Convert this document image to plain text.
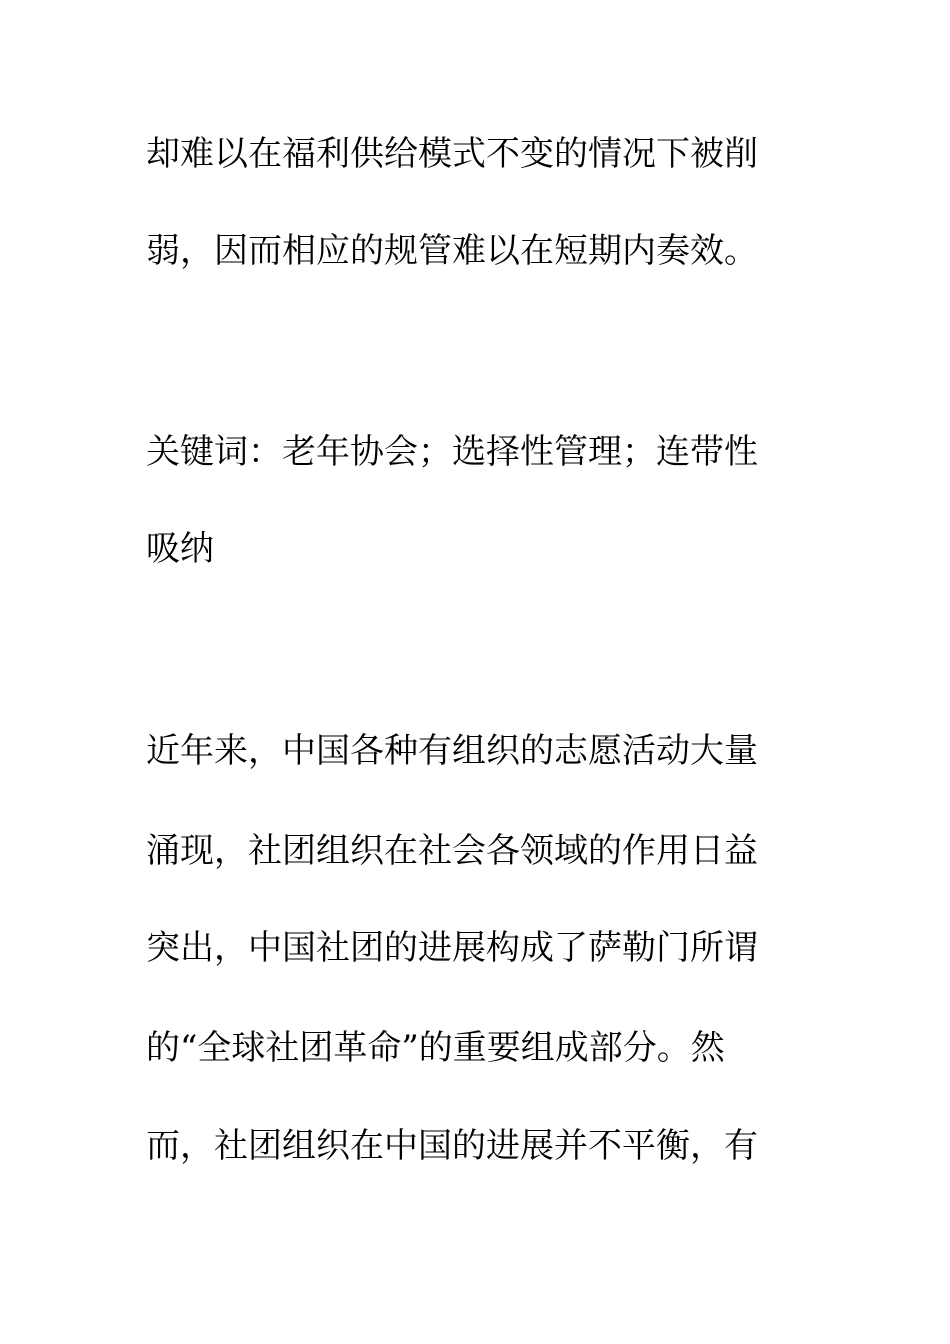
却难以在福利供给模式不变的情况下被削
弱，因而相应的规管难以在短期内奏效。
关键词：老年协会；选择性管理；连带性
吸纳
近年来，中国各种有组织的志愿活动大量
涌现，社团组织在社会各领域的作用日益
突出，中国社团的进展构成了萨勒门所谓
的“全球社团革命”的重要组成部分。然
而，社团组织在中国的进展并不平衡，有
